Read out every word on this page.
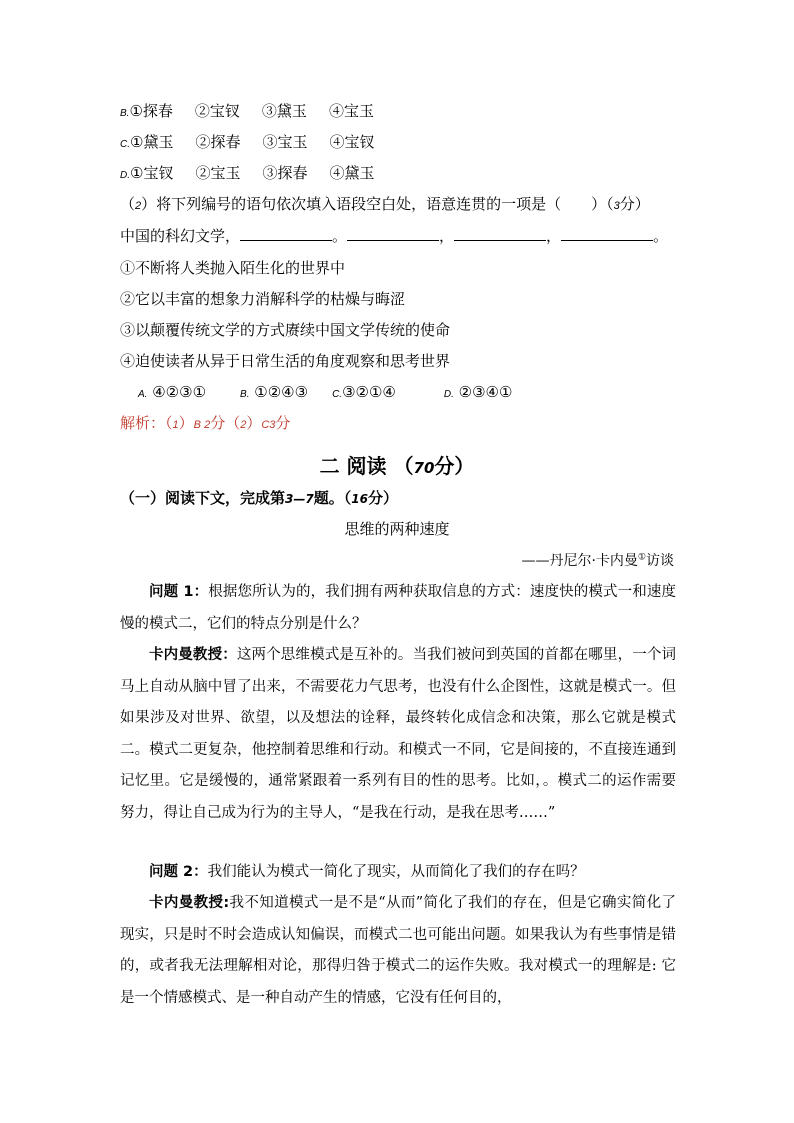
B.①探春 ②宝钗 ③黛玉 ④宝玉
C.①黛玉 ②探春 ③宝玉 ④宝钗
D.①宝钗 ②宝玉 ③探春 ④黛玉
（2）将下列编号的语句依次填入语段空白处，语意连贯的一项是（　　）（3分）
中国的科幻文学，	。	，	，	。
①不断将人类抛入陌生化的世界中
②它以丰富的想象力消解科学的枯燥与晦涩
③以颠覆传统文学的方式赓续中国文学传统的使命
④迫使读者从异于日常生活的角度观察和思考世界
A. ④②③①	B. ①②④③ C.③②①④	D. ②③④①
解析：（1）B 2分（2）C3分
二 阅读 （70分）
（一）阅读下文，完成第3—7题。（16分）
思维的两种速度
——丹尼尔·卡内曼①访谈
问题 1：根据您所认为的，我们拥有两种获取信息的方式：速度快的模式一和速度慢的模式二，它们的特点分别是什么？
卡内曼教授：这两个思维模式是互补的。当我们被问到英国的首都在哪里，一个词马上自动从脑中冒了出来，不需要花力气思考，也没有什么企图性，这就是模式一。但如果涉及对世界、欲望，以及想法的诠释，最终转化成信念和决策，那么它就是模式二。模式二更复杂，他控制着思维和行动。和模式一不同，它是间接的，不直接连通到记忆里。它是缓慢的，通常紧跟着一系列有目的性的思考。比如，。模式二的运作需要努力，得让自己成为行为的主导人，“是我在行动，是我在思考……”
问题 2：我们能认为模式一简化了现实，从而简化了我们的存在吗？
卡内曼教授:我不知道模式一是不是“从而”简化了我们的存在，但是它确实简化了现实，只是时不时会造成认知偏误，而模式二也可能出问题。如果我认为有些事情是错的，或者我无法理解相对论，那得归咎于模式二的运作失败。我对模式一的理解是: 它是一个情感模式、是一种自动产生的情感，它没有任何目的，
